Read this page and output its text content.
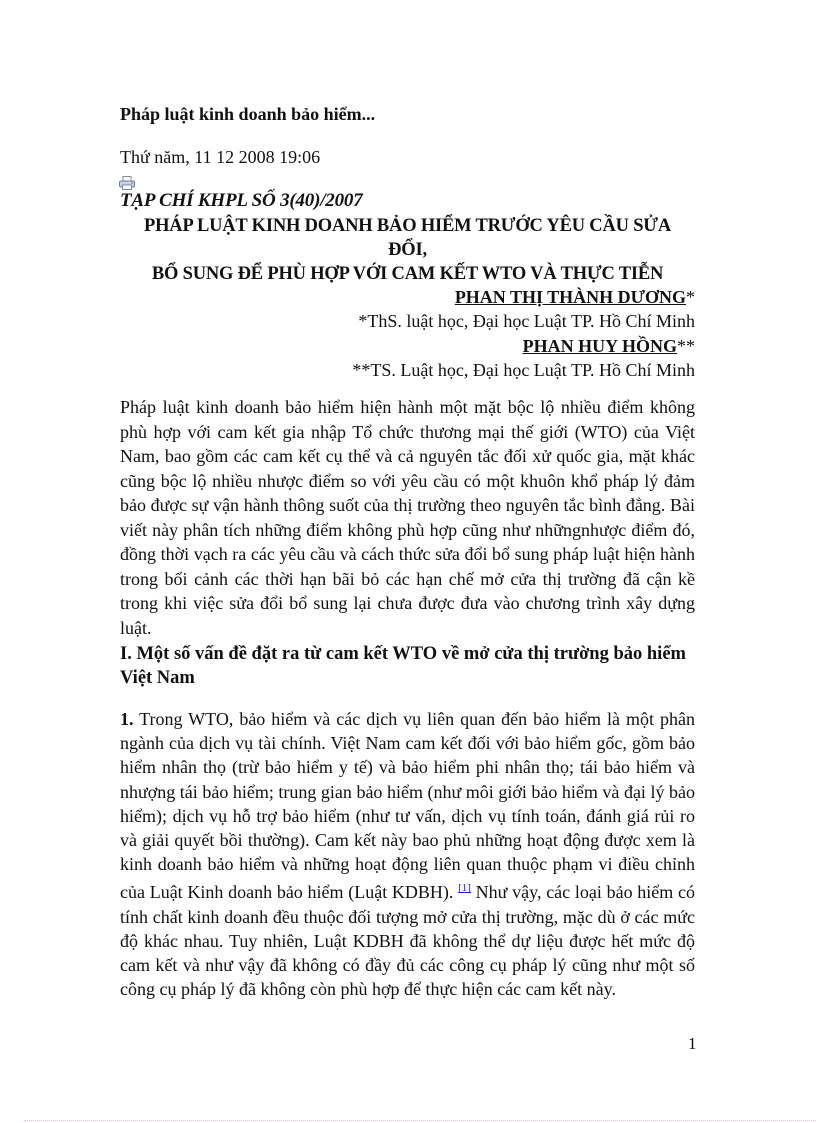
Pháp luật kinh doanh bảo hiểm...

Thứ năm, 11 12 2008 19:06

TẠP CHÍ KHPL SỐ 3(40)/2007

PHÁP LUẬT KINH DOANH BẢO HIỂM TRƯỚC YÊU CẦU SỬA
ĐỔI,
BỔ SUNG ĐỂ PHÙ HỢP VỚI CAM KẾT WTO VÀ THỰC TIỄN
PHAN THỊ THÀNH DƯƠNG*
*ThS. luật học, Đại học Luật TP. Hồ Chí Minh
PHAN HUY HỒNG**
**TS. Luật học, Đại học Luật TP. Hồ Chí Minh

Pháp luật kinh doanh bảo hiểm hiện hành một mặt bộc lộ nhiều điểm không phù hợp với cam kết gia nhập Tổ chức thương mại thế giới (WTO) của Việt Nam, bao gồm các cam kết cụ thể và cả nguyên tắc đối xử quốc gia, mặt khác cũng bộc lộ nhiều nhược điểm so với yêu cầu có một khuôn khổ pháp lý đảm bảo được sự vận hành thông suốt của thị trường theo nguyên tắc bình đẳng. Bài viết này phân tích những điểm không phù hợp cũng như nhữngnhược điểm đó, đồng thời vạch ra các yêu cầu và cách thức sửa đổi bổ sung pháp luật hiện hành trong bối cảnh các thời hạn bãi bỏ các hạn chế mở cửa thị trường đã cận kề trong khi việc sửa đổi bổ sung lại chưa được đưa vào chương trình xây dựng luật.

I. Một số vấn đề đặt ra từ cam kết WTO về mở cửa thị trường bảo hiểm Việt Nam

1. Trong WTO, bảo hiểm và các dịch vụ liên quan đến bảo hiểm là một phân ngành của dịch vụ tài chính. Việt Nam cam kết đối với bảo hiểm gốc, gồm bảo hiểm nhân thọ (trừ bảo hiểm y tế) và bảo hiểm phi nhân thọ; tái bảo hiểm và nhượng tái bảo hiểm; trung gian bảo hiểm (như môi giới bảo hiểm và đại lý bảo hiểm); dịch vụ hỗ trợ bảo hiểm (như tư vấn, dịch vụ tính toán, đánh giá rủi ro và giải quyết bồi thường). Cam kết này bao phủ những hoạt động được xem là kinh doanh bảo hiểm và những hoạt động liên quan thuộc phạm vi điều chỉnh của Luật Kinh doanh bảo hiểm (Luật KDBH). [1] Như vậy, các loại bảo hiểm có tính chất kinh doanh đều thuộc đối tượng mở cửa thị trường, mặc dù ở các mức độ khác nhau. Tuy nhiên, Luật KDBH đã không thể dự liệu được hết mức độ cam kết và như vậy đã không có đầy đủ các công cụ pháp lý cũng như một số công cụ pháp lý đã không còn phù hợp để thực hiện các cam kết này.

1
